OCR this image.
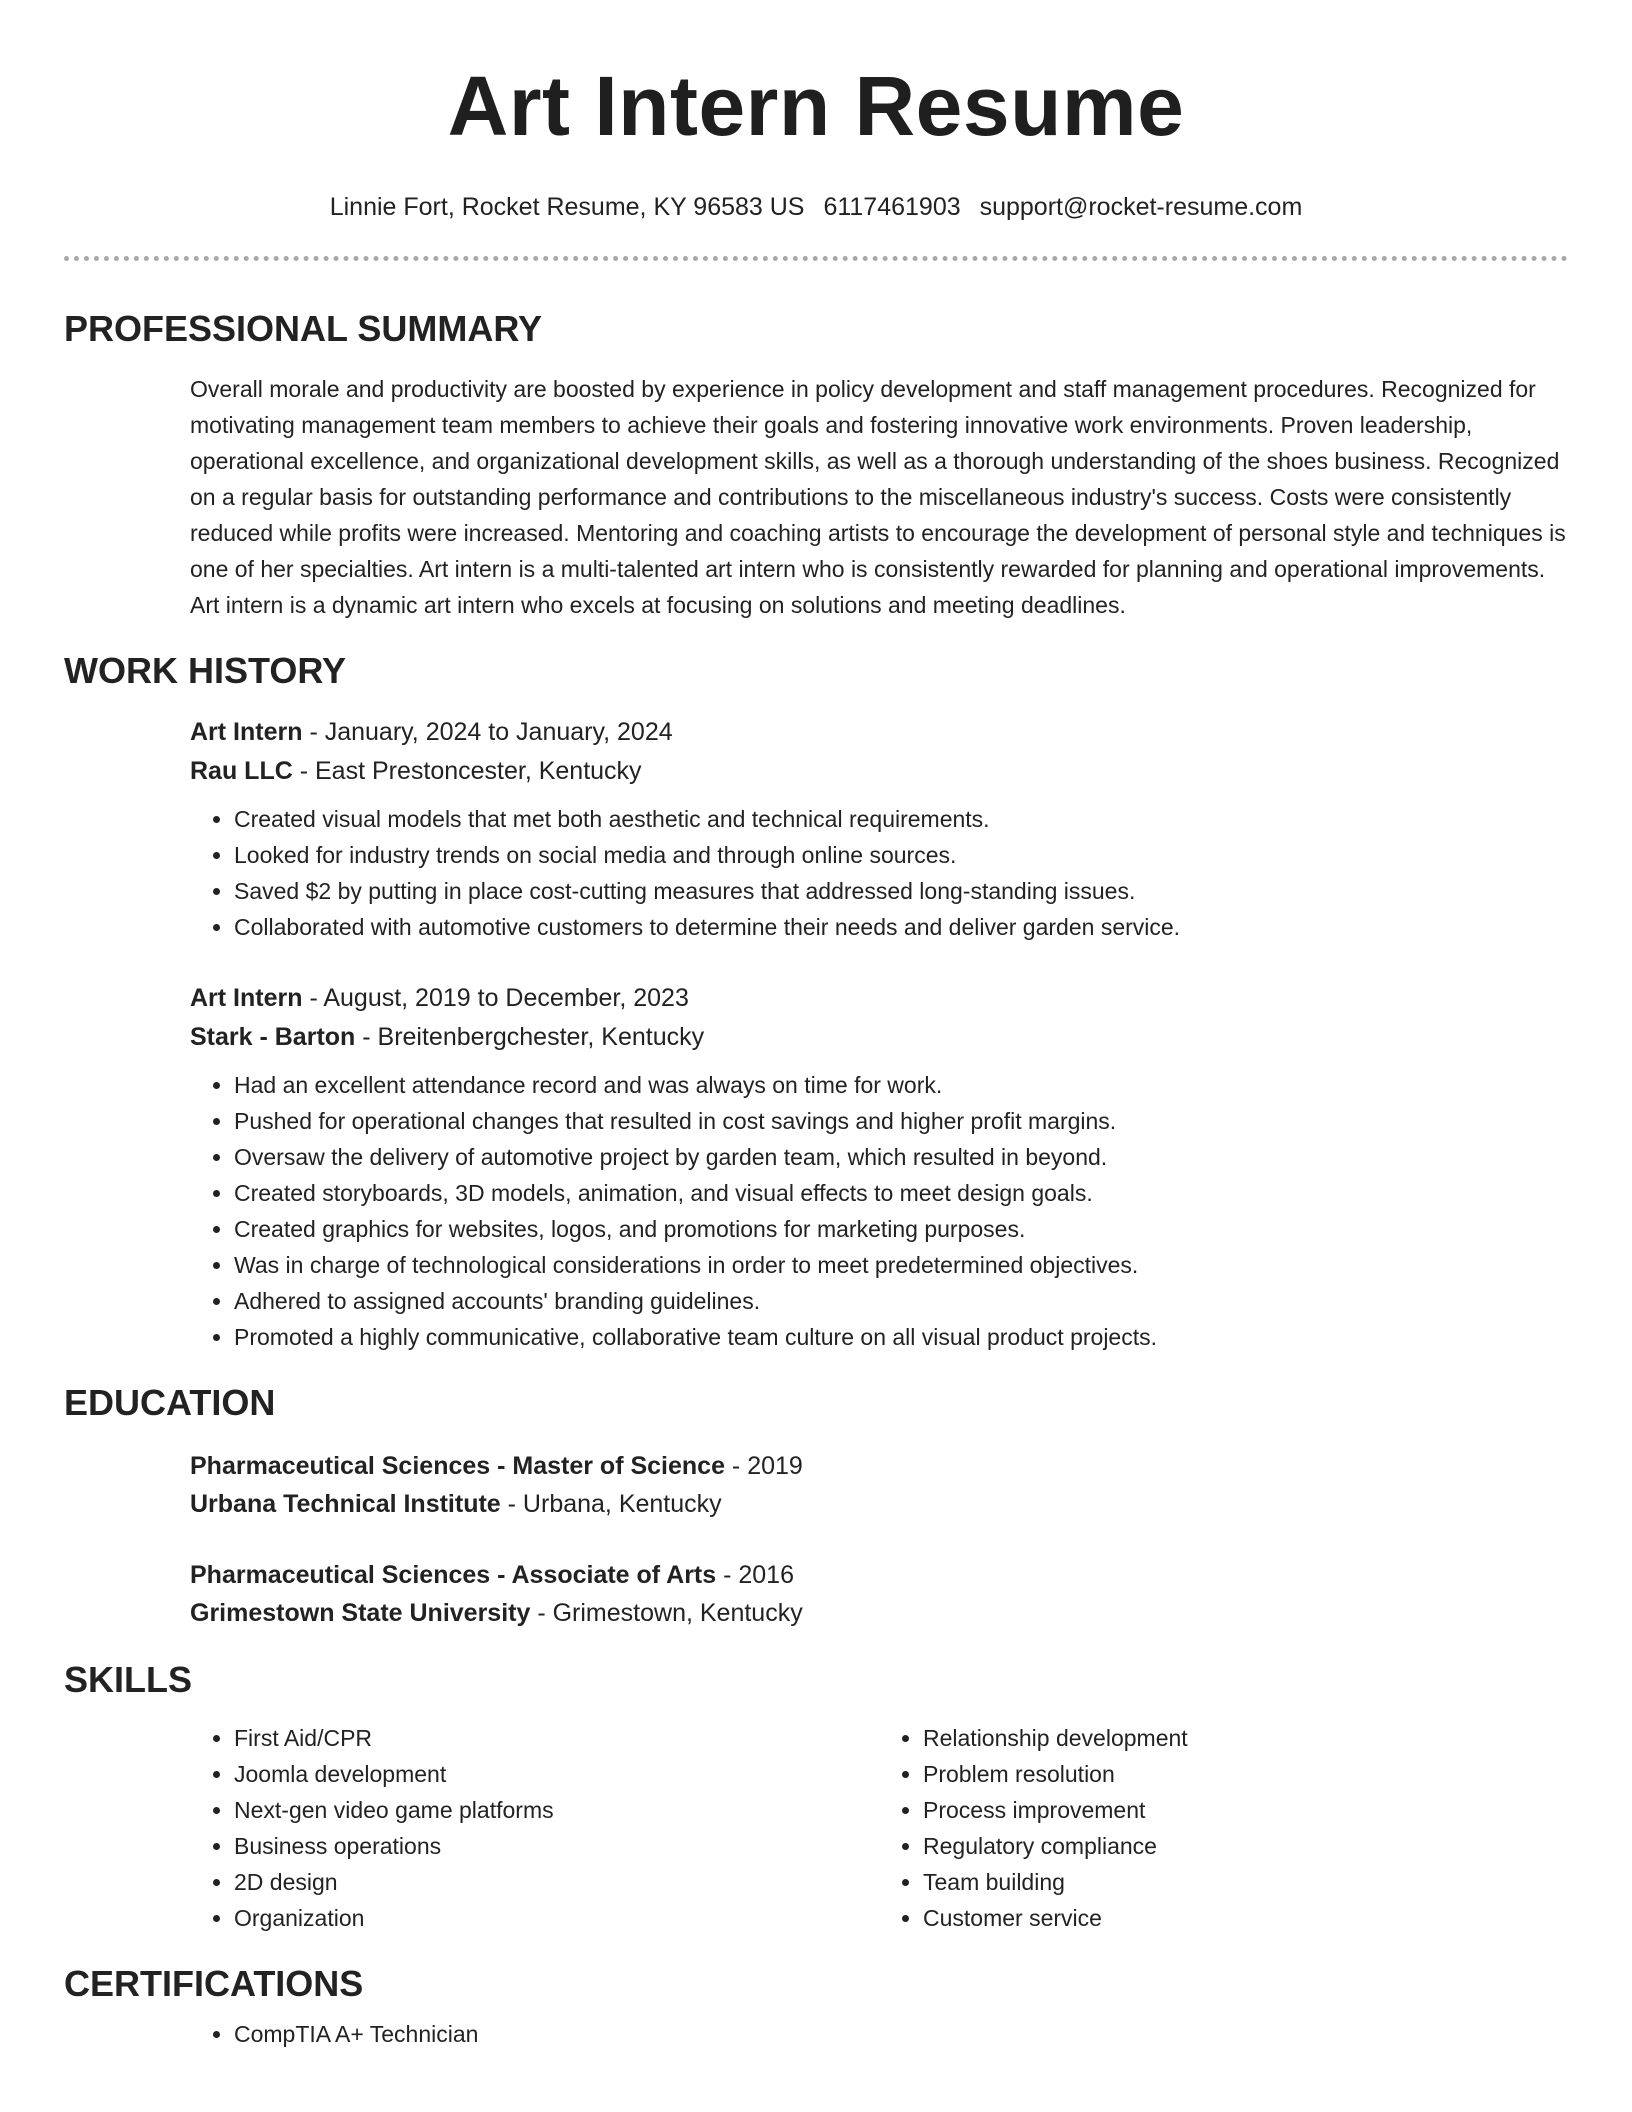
Art Intern Resume
Linnie Fort, Rocket Resume, KY 96583 US 6117461903 support@rocket-resume.com
PROFESSIONAL SUMMARY
Overall morale and productivity are boosted by experience in policy development and staff management procedures. Recognized for motivating management team members to achieve their goals and fostering innovative work environments. Proven leadership, operational excellence, and organizational development skills, as well as a thorough understanding of the shoes business. Recognized on a regular basis for outstanding performance and contributions to the miscellaneous industry's success. Costs were consistently reduced while profits were increased. Mentoring and coaching artists to encourage the development of personal style and techniques is one of her specialties. Art intern is a multi-talented art intern who is consistently rewarded for planning and operational improvements. Art intern is a dynamic art intern who excels at focusing on solutions and meeting deadlines.
WORK HISTORY
Art Intern - January, 2024 to January, 2024
Rau LLC - East Prestoncester, Kentucky
• Created visual models that met both aesthetic and technical requirements.
• Looked for industry trends on social media and through online sources.
• Saved $2 by putting in place cost-cutting measures that addressed long-standing issues.
• Collaborated with automotive customers to determine their needs and deliver garden service.
Art Intern - August, 2019 to December, 2023
Stark - Barton - Breitenbergchester, Kentucky
• Had an excellent attendance record and was always on time for work.
• Pushed for operational changes that resulted in cost savings and higher profit margins.
• Oversaw the delivery of automotive project by garden team, which resulted in beyond.
• Created storyboards, 3D models, animation, and visual effects to meet design goals.
• Created graphics for websites, logos, and promotions for marketing purposes.
• Was in charge of technological considerations in order to meet predetermined objectives.
• Adhered to assigned accounts' branding guidelines.
• Promoted a highly communicative, collaborative team culture on all visual product projects.
EDUCATION
Pharmaceutical Sciences - Master of Science - 2019
Urbana Technical Institute - Urbana, Kentucky
Pharmaceutical Sciences - Associate of Arts - 2016
Grimestown State University - Grimestown, Kentucky
SKILLS
• First Aid/CPR
• Joomla development
• Next-gen video game platforms
• Business operations
• 2D design
• Organization
• Relationship development
• Problem resolution
• Process improvement
• Regulatory compliance
• Team building
• Customer service
CERTIFICATIONS
• CompTIA A+ Technician
